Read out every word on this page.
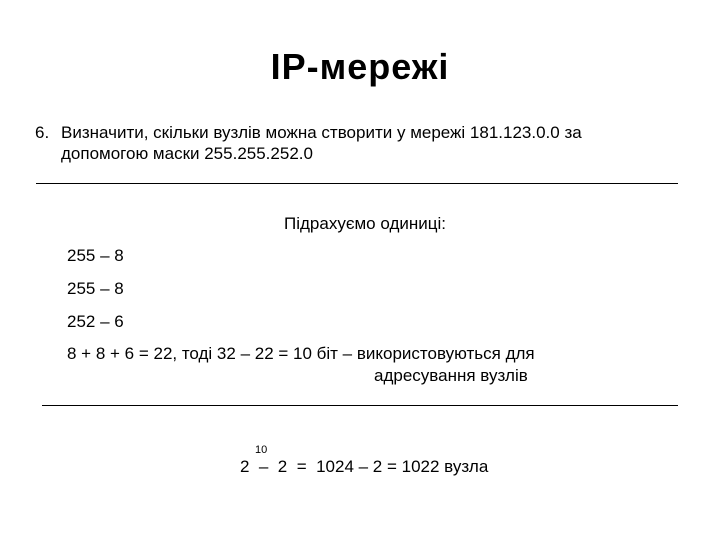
IP-мережі
6. Визначити, скільки вузлів можна створити у мережі 181.123.0.0 за
допомогою маски 255.255.252.0
Підрахуємо одиниці:
255 – 8
255 – 8
252 – 6
8 + 8 + 6 = 22, тоді 32 – 22 = 10 біт – використовуються для
адресування вузлів
10
2  –  2  =  1024 – 2 = 1022 вузла
